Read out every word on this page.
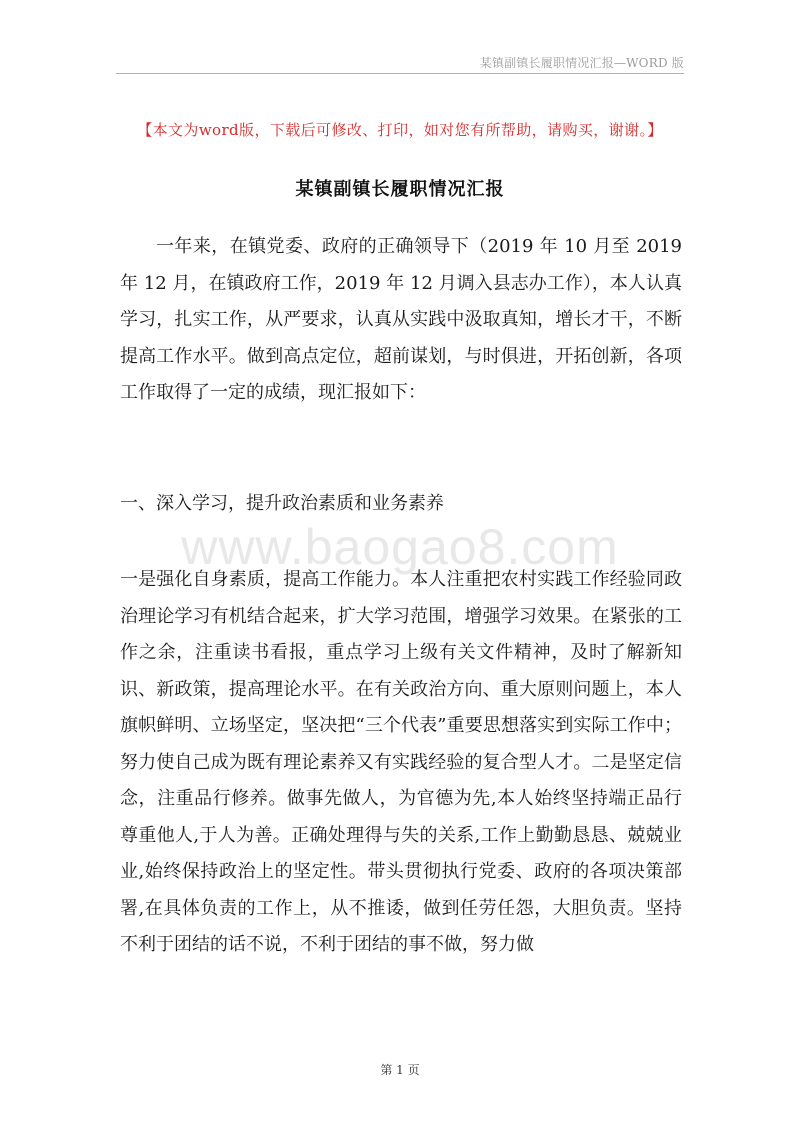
某镇副镇长履职情况汇报—WORD 版
【本文为word版，下载后可修改、打印，如对您有所帮助，请购买，谢谢。】
某镇副镇长履职情况汇报

一年来，在镇党委、政府的正确领导下（2019 年 10 月至 2019 年 12 月，在镇政府工作，2019 年 12 月调入县志办工作），本人认真学习，扎实工作，从严要求，认真从实践中汲取真知，增长才干，不断提高工作水平。做到高点定位，超前谋划，与时俱进，开拓创新，各项工作取得了一定的成绩，现汇报如下：

一、深入学习，提升政治素质和业务素养
www.baogao8.com

一是强化自身素质，提高工作能力。本人注重把农村实践工作经验同政治理论学习有机结合起来，扩大学习范围，增强学习效果。在紧张的工作之余，注重读书看报，重点学习上级有关文件精神，及时了解新知识、新政策，提高理论水平。在有关政治方向、重大原则问题上，本人旗帜鲜明、立场坚定，坚决把“三个代表”重要思想落实到实际工作中；努力使自己成为既有理论素养又有实践经验的复合型人才。二是坚定信念，注重品行修养。做事先做人，为官德为先,本人始终坚持端正品行尊重他人,于人为善。正确处理得与失的关系,工作上勤勤恳恳、兢兢业业,始终保持政治上的坚定性。带头贯彻执行党委、政府的各项决策部署,在具体负责的工作上，从不推诿，做到任劳任怨，大胆负责。坚持不利于团结的话不说，不利于团结的事不做，努力做

第 1 页
